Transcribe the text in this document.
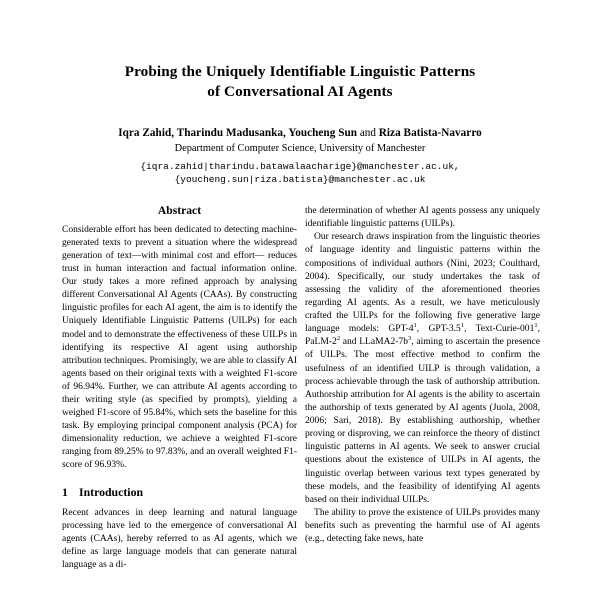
Probing the Uniquely Identifiable Linguistic Patterns
of Conversational AI Agents
Iqra Zahid, Tharindu Madusanka, Youcheng Sun and Riza Batista-Navarro
Department of Computer Science, University of Manchester
{iqra.zahid|tharindu.batawalaacharige}@manchester.ac.uk,
{youcheng.sun|riza.batista}@manchester.ac.uk
Abstract

Considerable effort has been dedicated to detecting machine-generated texts to prevent a situation where the widespread generation of text—with minimal cost and effort— reduces trust in human interaction and factual information online. Our study takes a more refined approach by analysing different Conversational AI Agents (CAAs). By constructing linguistic profiles for each AI agent, the aim is to identify the Uniquely Identifiable Linguistic Patterns (UILPs) for each model and to demonstrate the effectiveness of these UILPs in identifying its respective AI agent using authorship attribution techniques. Promisingly, we are able to classify AI agents based on their original texts with a weighted F1-score of 96.94%. Further, we can attribute AI agents according to their writing style (as specified by prompts), yielding a weighed F1-score of 95.84%, which sets the baseline for this task. By employing principal component analysis (PCA) for dimensionality reduction, we achieve a weighted F1-score ranging from 89.25% to 97.83%, and an overall weighted F1-score of 96.93%.

1 Introduction

Recent advances in deep learning and natural language processing have led to the emergence of conversational AI agents (CAAs), hereby referred to as AI agents, which we define as large language models that can generate natural language as a di-

the determination of whether AI agents possess any uniquely identifiable linguistic patterns (UILPs).

Our research draws inspiration from the linguistic theories of language identity and linguistic patterns within the compositions of individual authors (Nini, 2023; Coulthard, 2004). Specifically, our study undertakes the task of assessing the validity of the aforementioned theories regarding AI agents. As a result, we have meticulously crafted the UILPs for the following five generative large language models: GPT-$4^1$, GPT-$3.5^1$, Text-$Curie-001^1$, PaLM-$2^2$ and $LLaMA2-7b^3$, aiming to ascertain the presence of UILPs. The most effective method to confirm the usefulness of an identified UILP is through validation, a process achievable through the task of authorship attribution. Authorship attribution for AI agents is the ability to ascertain the authorship of texts generated by AI agents (Juola, 2008, 2006; Sari, 2018). By establishing authorship, whether proving or disproving, we can reinforce the theory of distinct linguistic patterns in AI agents. We seek to answer crucial questions about the existence of UILPs in AI agents, the linguistic overlap between various text types generated by these models, and the feasibility of identifying AI agents based on their individual UILPs.

The ability to prove the existence of UILPs provides many benefits such as preventing the harmful use of AI agents (e.g., detecting fake news, hate
